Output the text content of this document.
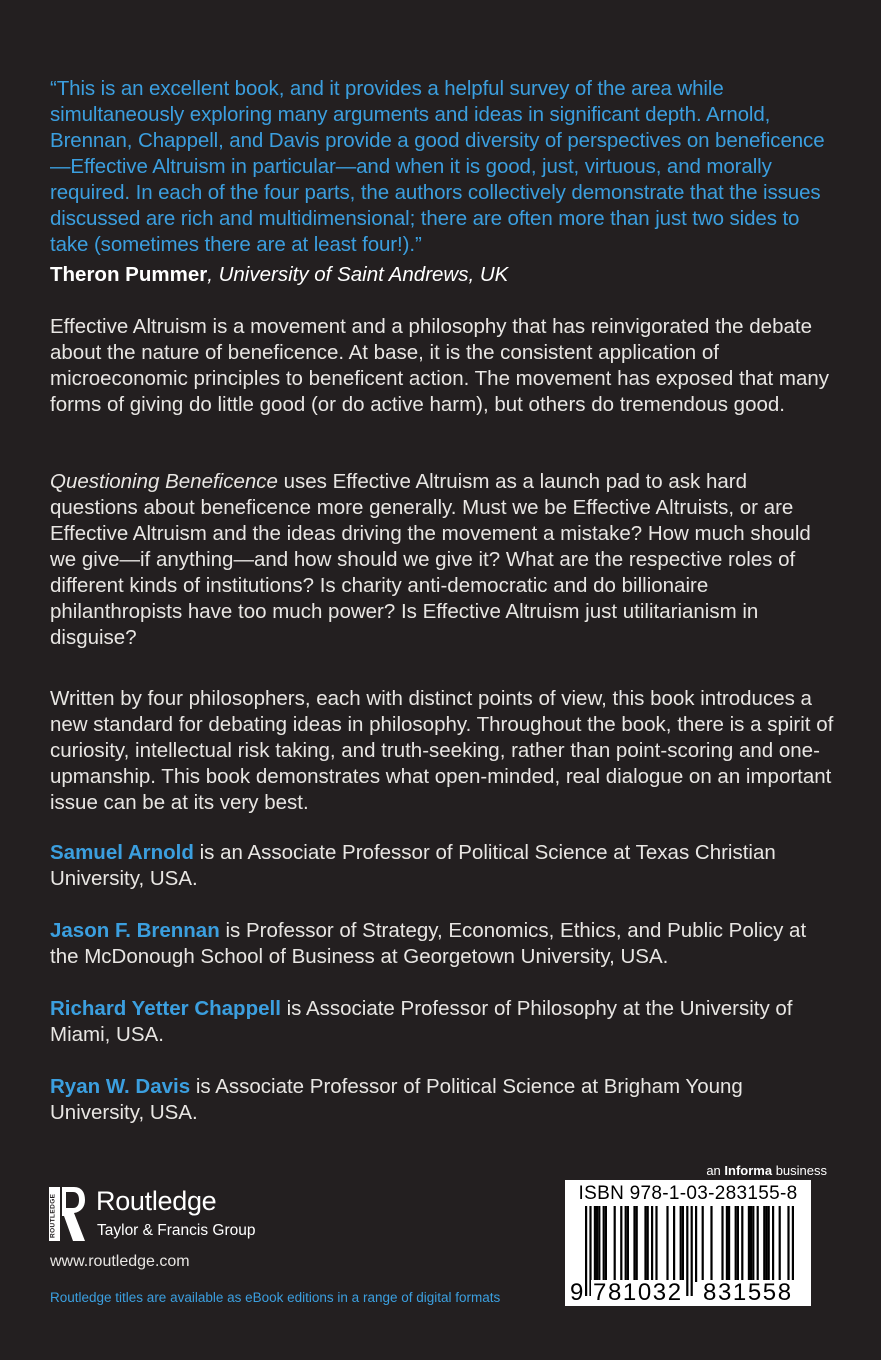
“This is an excellent book, and it provides a helpful survey of the area while simultaneously exploring many arguments and ideas in significant depth. Arnold, Brennan, Chappell, and Davis provide a good diversity of perspectives on beneficence—Effective Altruism in particular—and when it is good, just, virtuous, and morally required. In each of the four parts, the authors collectively demonstrate that the issues discussed are rich and multidimensional; there are often more than just two sides to take (sometimes there are at least four!).”

Theron Pummer, University of Saint Andrews, UK

Effective Altruism is a movement and a philosophy that has reinvigorated the debate about the nature of beneficence. At base, it is the consistent application of microeconomic principles to beneficent action. The movement has exposed that many forms of giving do little good (or do active harm), but others do tremendous good.

Questioning Beneficence uses Effective Altruism as a launch pad to ask hard questions about beneficence more generally. Must we be Effective Altruists, or are Effective Altruism and the ideas driving the movement a mistake? How much should we give—if anything—and how should we give it? What are the respective roles of different kinds of institutions? Is charity anti-democratic and do billionaire philanthropists have too much power? Is Effective Altruism just utilitarianism in disguise?

Written by four philosophers, each with distinct points of view, this book introduces a new standard for debating ideas in philosophy. Throughout the book, there is a spirit of curiosity, intellectual risk taking, and truth-seeking, rather than point-scoring and one-upmanship. This book demonstrates what open-minded, real dialogue on an important issue can be at its very best.

Samuel Arnold is an Associate Professor of Political Science at Texas Christian University, USA.

Jason F. Brennan is Professor of Strategy, Economics, Ethics, and Public Policy at the McDonough School of Business at Georgetown University, USA.

Richard Yetter Chappell is Associate Professor of Philosophy at the University of Miami, USA.

Ryan W. Davis is Associate Professor of Political Science at Brigham Young University, USA.

ROUTLEDGE Routledge
Taylor & Francis Group
www.routledge.com
Routledge titles are available as eBook editions in a range of digital formats
an Informa business
ISBN 978-1-03-283155-8
9 781032 831558
